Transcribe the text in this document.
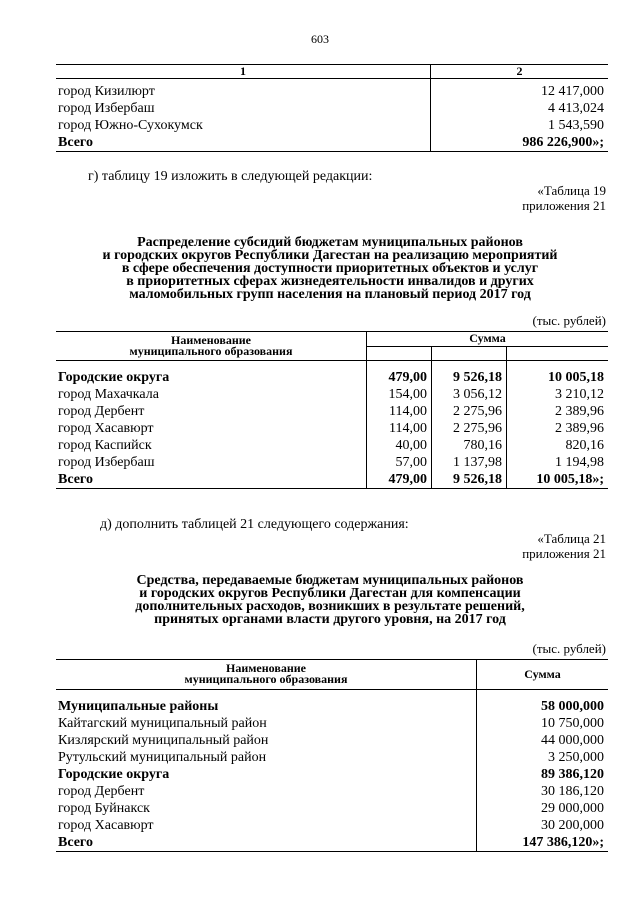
603
1	2
город Кизилюрт	12 417,000
город Избербаш	4 413,024
город Южно-Сухокумск	1 543,590
Всего	986 226,900»;
г) таблицу 19 изложить в следующей редакции:
«Таблица 19
приложения 21
Распределение субсидий бюджетам муниципальных районов
и городских округов Республики Дагестан на реализацию мероприятий
в сфере обеспечения доступности приоритетных объектов и услуг
в приоритетных сферах жизнедеятельности инвалидов и других
маломобильных групп населения на плановый период 2017 год
(тыс. рублей)
Наименование
муниципального образования	Сумма		

Городские округа	479,00	9 526,18	10 005,18
город Махачкала	154,00	3 056,12	3 210,12
город Дербент	114,00	2 275,96	2 389,96
город Хасавюрт	114,00	2 275,96	2 389,96
город Каспийск	40,00	780,16	820,16
город Избербаш	57,00	1 137,98	1 194,98
Всего	479,00	9 526,18	10 005,18»;
д) дополнить таблицей 21 следующего содержания:
«Таблица 21
приложения 21
Средства, передаваемые бюджетам муниципальных районов
и городских округов Республики Дагестан для компенсации
дополнительных расходов, возникших в результате решений,
принятых органами власти другого уровня, на 2017 год
(тыс. рублей)
Наименование
муниципального образования	Сумма
Муниципальные районы	58 000,000
Кайтагский муниципальный район	10 750,000
Кизлярский муниципальный район	44 000,000
Рутульский муниципальный район	3 250,000
Городские округа	89 386,120
город Дербент	30 186,120
город Буйнакск	29 000,000
город Хасавюрт	30 200,000
Всего	147 386,120»;
